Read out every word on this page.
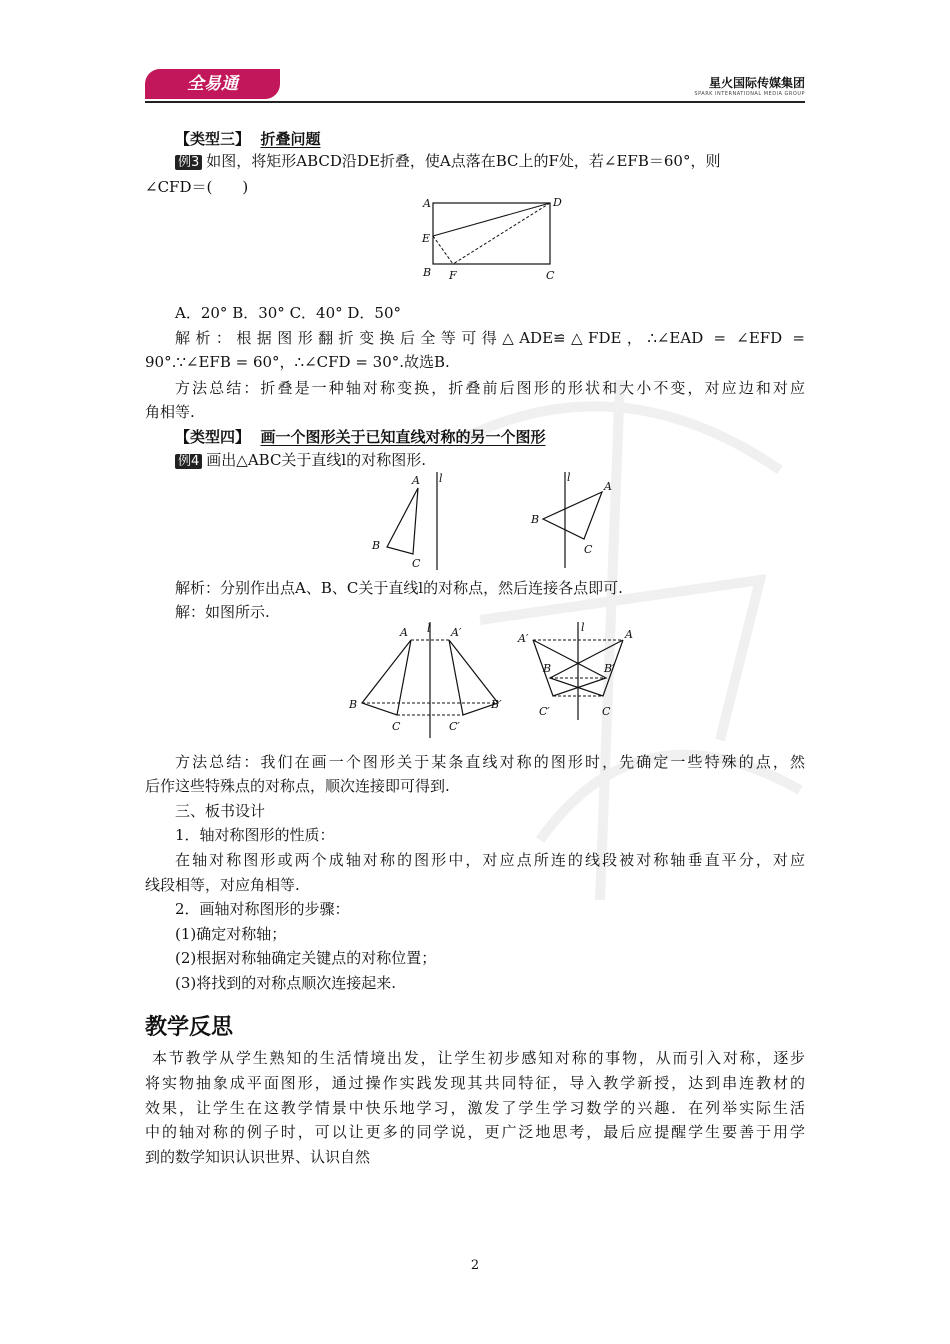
全易通	星火国际传媒集团
SPARK INTERNATIONAL MEDIA GROUP
【类型三】 折叠问题
例3 如图，将矩形ABCD沿DE折叠，使A点落在BC上的F处，若∠EFB＝60°，则
∠CFD＝(　　)
A	D
E
B F	C
A．20° B．30° C．40° D．50°
解析：根据图形翻折变换后全等可得△ADE≌△FDE，∴∠EAD = ∠EFD =
90°.∵∠EFB = 60°，∴∠CFD = 30°.故选B.
方法总结：折叠是一种轴对称变换，折叠前后图形的形状和大小不变，对应边和对应
角相等.
【类型四】 画一个图形关于已知直线对称的另一个图形
例4 画出△ABC关于直线l的对称图形.
A l
B
C
l
A
B
C
解析：分别作出点A、B、C关于直线l的对称点，然后连接各点即可.
解：如图所示.
A l A′
B
C	C′
B′
A′
l
A
B	B′
C′	C
方法总结：我们在画一个图形关于某条直线对称的图形时，先确定一些特殊的点，然
后作这些特殊点的对称点，顺次连接即可得到.
三、板书设计
1．轴对称图形的性质：
在轴对称图形或两个成轴对称的图形中，对应点所连的线段被对称轴垂直平分，对应
线段相等，对应角相等.
2．画轴对称图形的步骤：
(1)确定对称轴；
(2)根据对称轴确定关键点的对称位置；
(3)将找到的对称点顺次连接起来.
教学反思
本节教学从学生熟知的生活情境出发，让学生初步感知对称的事物，从而引入对称，逐步
将实物抽象成平面图形，通过操作实践发现其共同特征，导入教学新授，达到串连教材的
效果，让学生在这教学情景中快乐地学习，激发了学生学习数学的兴趣．在列举实际生活
中的轴对称的例子时，可以让更多的同学说，更广泛地思考，最后应提醒学生要善于用学
到的数学知识认识世界、认识自然
2
